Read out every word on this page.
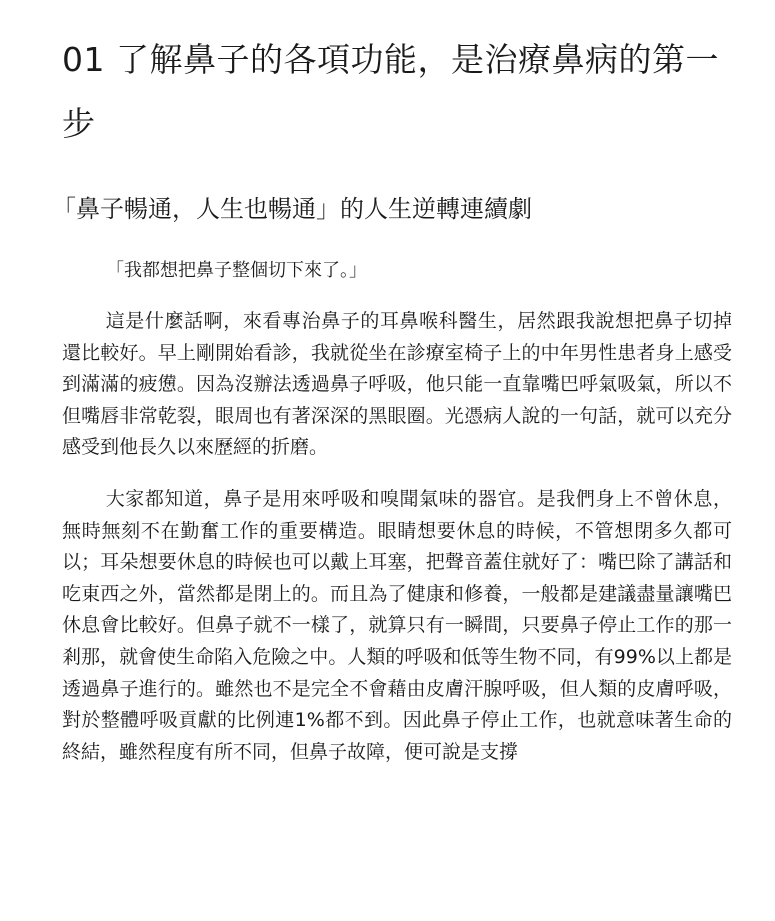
01 了解鼻子的各項功能，是治療鼻病的第一步
「鼻子暢通，人生也暢通」的人生逆轉連續劇

「我都想把鼻子整個切下來了。」

這是什麼話啊，來看專治鼻子的耳鼻喉科醫生，居然跟我說想把鼻子切掉還比較好。早上剛開始看診，我就從坐在診療室椅子上的中年男性患者身上感受到滿滿的疲憊。因為沒辦法透過鼻子呼吸，他只能一直靠嘴巴呼氣吸氣，所以不但嘴唇非常乾裂，眼周也有著深深的黑眼圈。光憑病人說的一句話，就可以充分感受到他長久以來歷經的折磨。

大家都知道，鼻子是用來呼吸和嗅聞氣味的器官。是我們身上不曾休息，無時無刻不在勤奮工作的重要構造。眼睛想要休息的時候，不管想閉多久都可以；耳朵想要休息的時候也可以戴上耳塞，把聲音蓋住就好了：嘴巴除了講話和吃東西之外，當然都是閉上的。而且為了健康和修養，一般都是建議盡量讓嘴巴休息會比較好。但鼻子就不一樣了，就算只有一瞬間，只要鼻子停止工作的那一剎那，就會使生命陷入危險之中。人類的呼吸和低等生物不同，有99%以上都是透過鼻子進行的。雖然也不是完全不會藉由皮膚汗腺呼吸，但人類的皮膚呼吸，對於整體呼吸貢獻的比例連1%都不到。因此鼻子停止工作，也就意味著生命的終結，雖然程度有所不同，但鼻子故障，便可說是支撐
